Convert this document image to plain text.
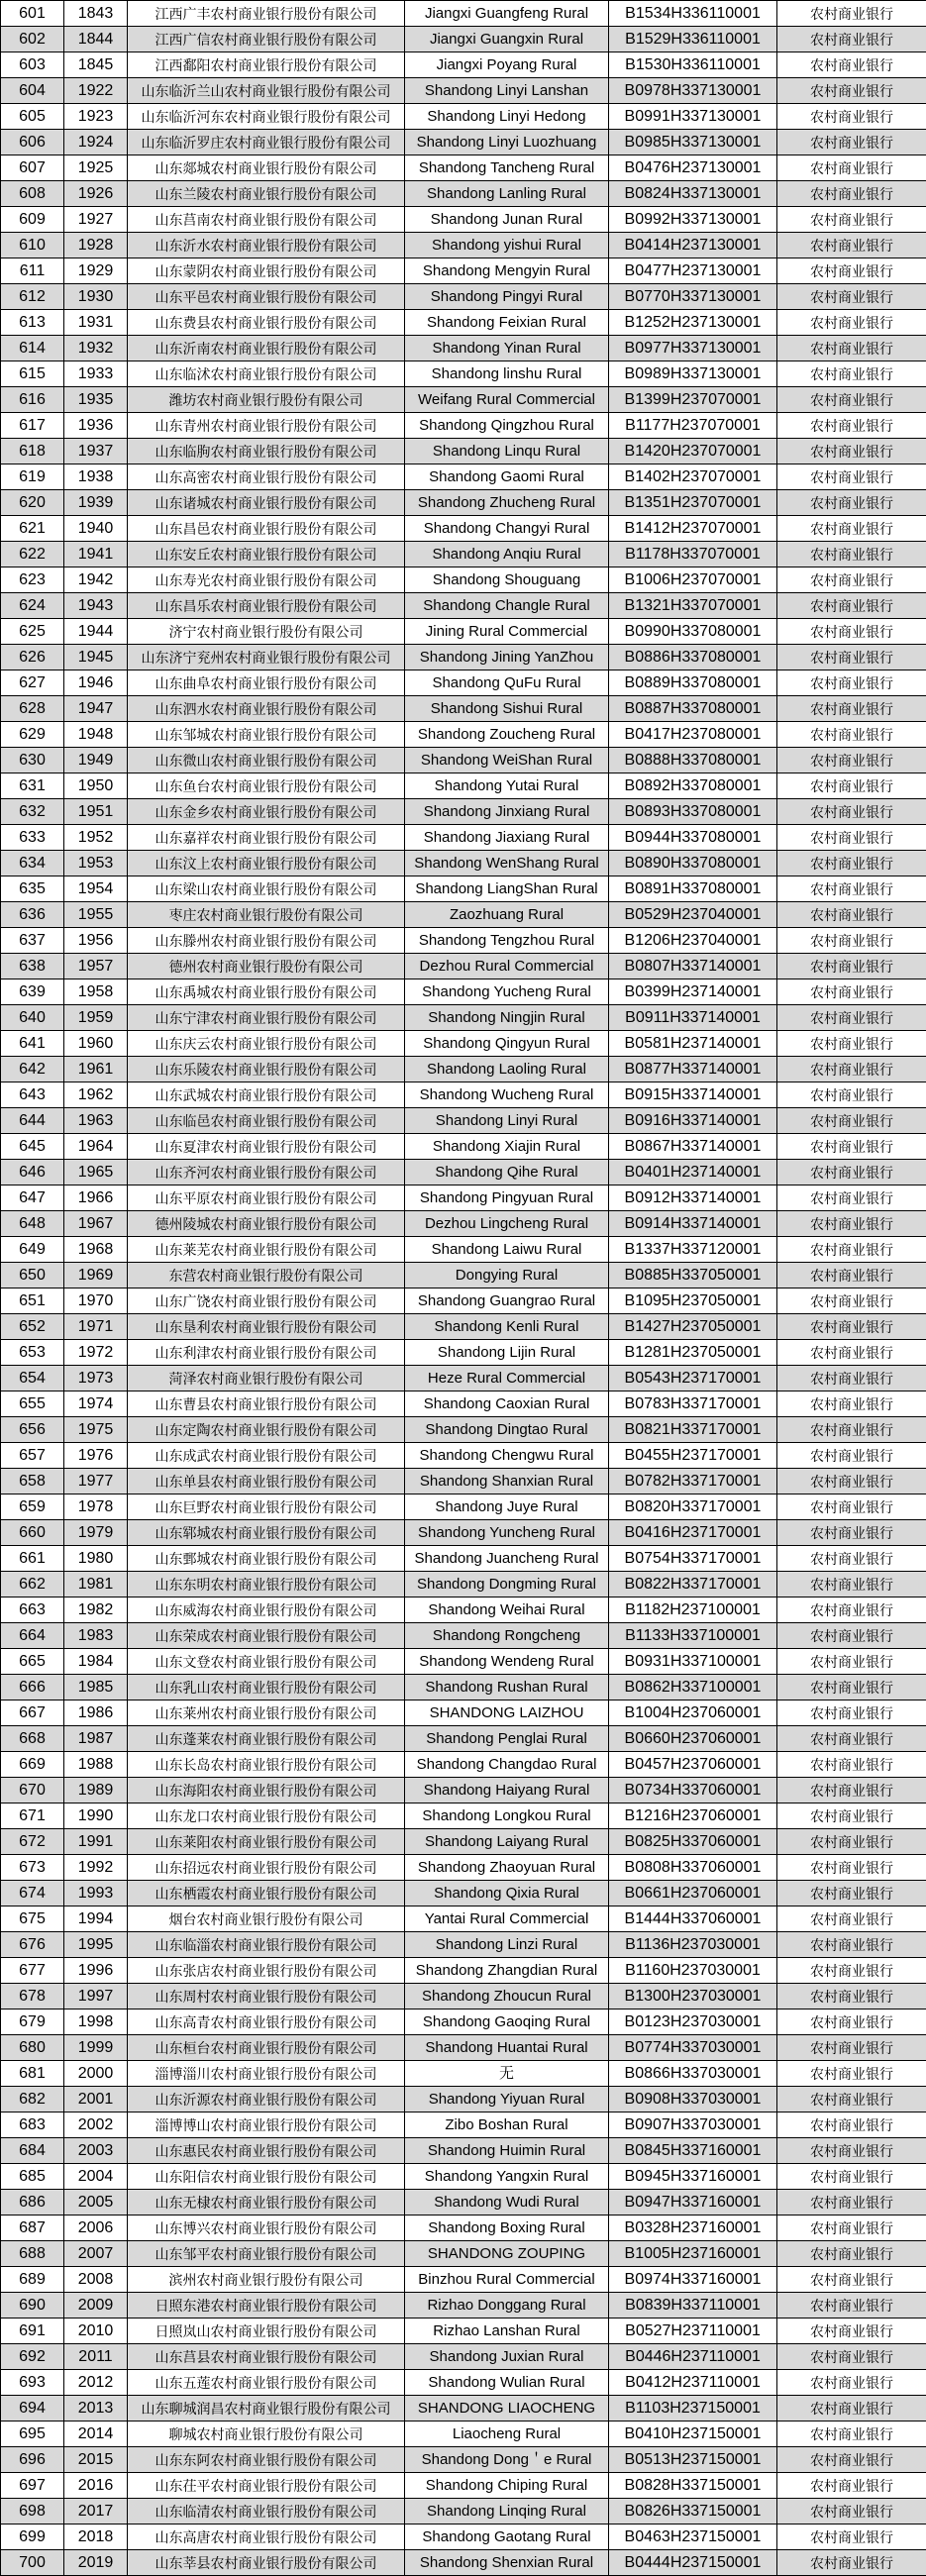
601	1843	江西广丰农村商业银行股份有限公司	Jiangxi Guangfeng Rural	B1534H336110001	农村商业银行
602	1844	江西广信农村商业银行股份有限公司	Jiangxi Guangxin Rural	B1529H336110001	农村商业银行
603	1845	江西鄱阳农村商业银行股份有限公司	Jiangxi Poyang Rural	B1530H336110001	农村商业银行
604	1922	山东临沂兰山农村商业银行股份有限公司	Shandong Linyi Lanshan	B0978H337130001	农村商业银行
605	1923	山东临沂河东农村商业银行股份有限公司	Shandong Linyi Hedong	B0991H337130001	农村商业银行
606	1924	山东临沂罗庄农村商业银行股份有限公司	Shandong Linyi Luozhuang	B0985H337130001	农村商业银行
607	1925	山东郯城农村商业银行股份有限公司	Shandong Tancheng Rural	B0476H237130001	农村商业银行
608	1926	山东兰陵农村商业银行股份有限公司	Shandong Lanling Rural	B0824H337130001	农村商业银行
609	1927	山东莒南农村商业银行股份有限公司	Shandong Junan Rural	B0992H337130001	农村商业银行
610	1928	山东沂水农村商业银行股份有限公司	Shandong yishui Rural	B0414H237130001	农村商业银行
611	1929	山东蒙阴农村商业银行股份有限公司	Shandong Mengyin Rural	B0477H237130001	农村商业银行
612	1930	山东平邑农村商业银行股份有限公司	Shandong Pingyi Rural	B0770H337130001	农村商业银行
613	1931	山东费县农村商业银行股份有限公司	Shandong Feixian Rural	B1252H237130001	农村商业银行
614	1932	山东沂南农村商业银行股份有限公司	Shandong Yinan Rural	B0977H337130001	农村商业银行
615	1933	山东临沭农村商业银行股份有限公司	Shandong linshu Rural	B0989H337130001	农村商业银行
616	1935	潍坊农村商业银行股份有限公司	Weifang Rural Commercial	B1399H237070001	农村商业银行
617	1936	山东青州农村商业银行股份有限公司	Shandong Qingzhou Rural	B1177H237070001	农村商业银行
618	1937	山东临朐农村商业银行股份有限公司	Shandong Linqu Rural	B1420H237070001	农村商业银行
619	1938	山东高密农村商业银行股份有限公司	Shandong Gaomi Rural	B1402H237070001	农村商业银行
620	1939	山东诸城农村商业银行股份有限公司	Shandong Zhucheng Rural	B1351H237070001	农村商业银行
621	1940	山东昌邑农村商业银行股份有限公司	Shandong Changyi Rural	B1412H237070001	农村商业银行
622	1941	山东安丘农村商业银行股份有限公司	Shandong Anqiu Rural	B1178H337070001	农村商业银行
623	1942	山东寿光农村商业银行股份有限公司	Shandong Shouguang	B1006H237070001	农村商业银行
624	1943	山东昌乐农村商业银行股份有限公司	Shandong Changle Rural	B1321H337070001	农村商业银行
625	1944	济宁农村商业银行股份有限公司	Jining Rural Commercial	B0990H337080001	农村商业银行
626	1945	山东济宁兖州农村商业银行股份有限公司	Shandong Jining YanZhou	B0886H337080001	农村商业银行
627	1946	山东曲阜农村商业银行股份有限公司	Shandong QuFu Rural	B0889H337080001	农村商业银行
628	1947	山东泗水农村商业银行股份有限公司	Shandong Sishui Rural	B0887H337080001	农村商业银行
629	1948	山东邹城农村商业银行股份有限公司	Shandong Zoucheng Rural	B0417H237080001	农村商业银行
630	1949	山东微山农村商业银行股份有限公司	Shandong WeiShan Rural	B0888H337080001	农村商业银行
631	1950	山东鱼台农村商业银行股份有限公司	Shandong Yutai Rural	B0892H337080001	农村商业银行
632	1951	山东金乡农村商业银行股份有限公司	Shandong Jinxiang Rural	B0893H337080001	农村商业银行
633	1952	山东嘉祥农村商业银行股份有限公司	Shandong Jiaxiang Rural	B0944H337080001	农村商业银行
634	1953	山东汶上农村商业银行股份有限公司	Shandong WenShang Rural	B0890H337080001	农村商业银行
635	1954	山东梁山农村商业银行股份有限公司	Shandong LiangShan Rural	B0891H337080001	农村商业银行
636	1955	枣庄农村商业银行股份有限公司	Zaozhuang Rural	B0529H237040001	农村商业银行
637	1956	山东滕州农村商业银行股份有限公司	Shandong Tengzhou Rural	B1206H237040001	农村商业银行
638	1957	德州农村商业银行股份有限公司	Dezhou Rural Commercial	B0807H337140001	农村商业银行
639	1958	山东禹城农村商业银行股份有限公司	Shandong Yucheng Rural	B0399H237140001	农村商业银行
640	1959	山东宁津农村商业银行股份有限公司	Shandong Ningjin Rural	B0911H337140001	农村商业银行
641	1960	山东庆云农村商业银行股份有限公司	Shandong Qingyun Rural	B0581H237140001	农村商业银行
642	1961	山东乐陵农村商业银行股份有限公司	Shandong Laoling Rural	B0877H337140001	农村商业银行
643	1962	山东武城农村商业银行股份有限公司	Shandong Wucheng Rural	B0915H337140001	农村商业银行
644	1963	山东临邑农村商业银行股份有限公司	Shandong Linyi Rural	B0916H337140001	农村商业银行
645	1964	山东夏津农村商业银行股份有限公司	Shandong Xiajin Rural	B0867H337140001	农村商业银行
646	1965	山东齐河农村商业银行股份有限公司	Shandong Qihe Rural	B0401H237140001	农村商业银行
647	1966	山东平原农村商业银行股份有限公司	Shandong Pingyuan Rural	B0912H337140001	农村商业银行
648	1967	德州陵城农村商业银行股份有限公司	Dezhou Lingcheng Rural	B0914H337140001	农村商业银行
649	1968	山东莱芜农村商业银行股份有限公司	Shandong Laiwu Rural	B1337H337120001	农村商业银行
650	1969	东营农村商业银行股份有限公司	Dongying Rural	B0885H337050001	农村商业银行
651	1970	山东广饶农村商业银行股份有限公司	Shandong Guangrao Rural	B1095H237050001	农村商业银行
652	1971	山东垦利农村商业银行股份有限公司	Shandong Kenli Rural	B1427H237050001	农村商业银行
653	1972	山东利津农村商业银行股份有限公司	Shandong Lijin Rural	B1281H237050001	农村商业银行
654	1973	菏泽农村商业银行股份有限公司	Heze Rural Commercial	B0543H237170001	农村商业银行
655	1974	山东曹县农村商业银行股份有限公司	Shandong Caoxian Rural	B0783H337170001	农村商业银行
656	1975	山东定陶农村商业银行股份有限公司	Shandong Dingtao Rural	B0821H337170001	农村商业银行
657	1976	山东成武农村商业银行股份有限公司	Shandong Chengwu Rural	B0455H237170001	农村商业银行
658	1977	山东单县农村商业银行股份有限公司	Shandong Shanxian Rural	B0782H337170001	农村商业银行
659	1978	山东巨野农村商业银行股份有限公司	Shandong Juye Rural	B0820H337170001	农村商业银行
660	1979	山东郓城农村商业银行股份有限公司	Shandong Yuncheng Rural	B0416H237170001	农村商业银行
661	1980	山东鄄城农村商业银行股份有限公司	Shandong Juancheng Rural	B0754H337170001	农村商业银行
662	1981	山东东明农村商业银行股份有限公司	Shandong Dongming Rural	B0822H337170001	农村商业银行
663	1982	山东威海农村商业银行股份有限公司	Shandong Weihai Rural	B1182H237100001	农村商业银行
664	1983	山东荣成农村商业银行股份有限公司	Shandong Rongcheng	B1133H337100001	农村商业银行
665	1984	山东文登农村商业银行股份有限公司	Shandong Wendeng Rural	B0931H337100001	农村商业银行
666	1985	山东乳山农村商业银行股份有限公司	Shandong Rushan Rural	B0862H337100001	农村商业银行
667	1986	山东莱州农村商业银行股份有限公司	SHANDONG LAIZHOU	B1004H237060001	农村商业银行
668	1987	山东蓬莱农村商业银行股份有限公司	Shandong Penglai Rural	B0660H237060001	农村商业银行
669	1988	山东长岛农村商业银行股份有限公司	Shandong Changdao Rural	B0457H237060001	农村商业银行
670	1989	山东海阳农村商业银行股份有限公司	Shandong Haiyang Rural	B0734H337060001	农村商业银行
671	1990	山东龙口农村商业银行股份有限公司	Shandong Longkou Rural	B1216H237060001	农村商业银行
672	1991	山东莱阳农村商业银行股份有限公司	Shandong Laiyang Rural	B0825H337060001	农村商业银行
673	1992	山东招远农村商业银行股份有限公司	Shandong Zhaoyuan Rural	B0808H337060001	农村商业银行
674	1993	山东栖霞农村商业银行股份有限公司	Shandong Qixia Rural	B0661H237060001	农村商业银行
675	1994	烟台农村商业银行股份有限公司	Yantai Rural Commercial	B1444H337060001	农村商业银行
676	1995	山东临淄农村商业银行股份有限公司	Shandong Linzi Rural	B1136H237030001	农村商业银行
677	1996	山东张店农村商业银行股份有限公司	Shandong Zhangdian Rural	B1160H237030001	农村商业银行
678	1997	山东周村农村商业银行股份有限公司	Shandong Zhoucun Rural	B1300H237030001	农村商业银行
679	1998	山东高青农村商业银行股份有限公司	Shandong Gaoqing Rural	B0123H237030001	农村商业银行
680	1999	山东桓台农村商业银行股份有限公司	Shandong Huantai Rural	B0774H337030001	农村商业银行
681	2000	淄博淄川农村商业银行股份有限公司	无	B0866H337030001	农村商业银行
682	2001	山东沂源农村商业银行股份有限公司	Shandong Yiyuan Rural	B0908H337030001	农村商业银行
683	2002	淄博博山农村商业银行股份有限公司	Zibo Boshan Rural	B0907H337030001	农村商业银行
684	2003	山东惠民农村商业银行股份有限公司	Shandong Huimin Rural	B0845H337160001	农村商业银行
685	2004	山东阳信农村商业银行股份有限公司	Shandong Yangxin Rural	B0945H337160001	农村商业银行
686	2005	山东无棣农村商业银行股份有限公司	Shandong Wudi Rural	B0947H337160001	农村商业银行
687	2006	山东博兴农村商业银行股份有限公司	Shandong Boxing Rural	B0328H237160001	农村商业银行
688	2007	山东邹平农村商业银行股份有限公司	SHANDONG ZOUPING	B1005H237160001	农村商业银行
689	2008	滨州农村商业银行股份有限公司	Binzhou Rural Commercial	B0974H337160001	农村商业银行
690	2009	日照东港农村商业银行股份有限公司	Rizhao Donggang Rural	B0839H337110001	农村商业银行
691	2010	日照岚山农村商业银行股份有限公司	Rizhao Lanshan Rural	B0527H237110001	农村商业银行
692	2011	山东莒县农村商业银行股份有限公司	Shandong Juxian Rural	B0446H237110001	农村商业银行
693	2012	山东五莲农村商业银行股份有限公司	Shandong Wulian Rural	B0412H237110001	农村商业银行
694	2013	山东聊城润昌农村商业银行股份有限公司	SHANDONG LIAOCHENG	B1103H237150001	农村商业银行
695	2014	聊城农村商业银行股份有限公司	Liaocheng Rural	B0410H237150001	农村商业银行
696	2015	山东东阿农村商业银行股份有限公司	Shandong Dong＇e Rural	B0513H237150001	农村商业银行
697	2016	山东茌平农村商业银行股份有限公司	Shandong Chiping Rural	B0828H337150001	农村商业银行
698	2017	山东临清农村商业银行股份有限公司	Shandong Linqing Rural	B0826H337150001	农村商业银行
699	2018	山东高唐农村商业银行股份有限公司	Shandong Gaotang Rural	B0463H237150001	农村商业银行
700	2019	山东莘县农村商业银行股份有限公司	Shandong Shenxian Rural	B0444H237150001	农村商业银行
